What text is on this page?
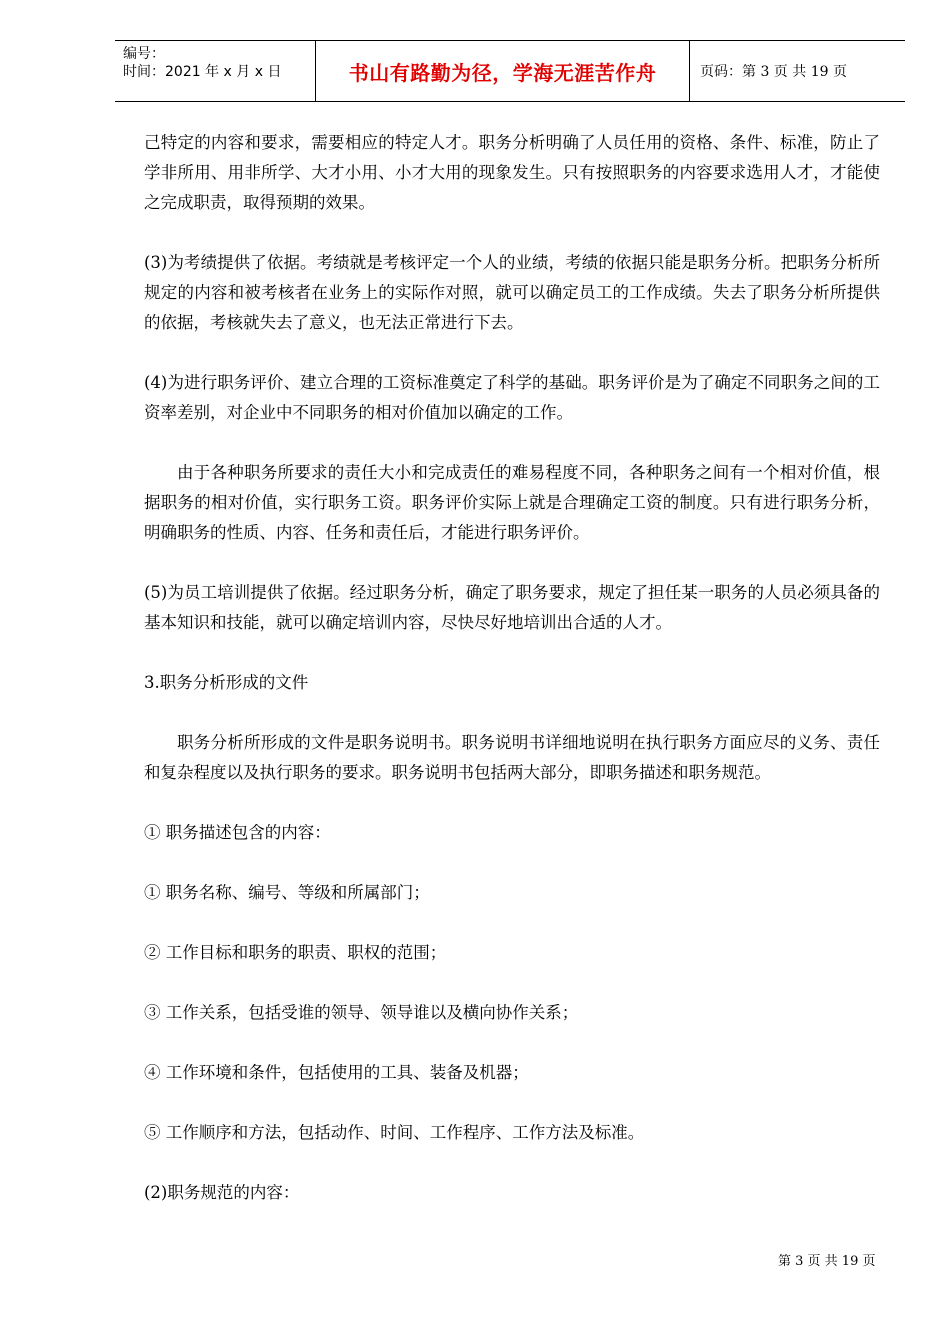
编号：
时间：2021 年 x 月 x 日	书山有路勤为径，学海无涯苦作舟	页码：第 3 页 共 19 页

己特定的内容和要求，需要相应的特定人才。职务分析明确了人员任用的资格、条件、标准，防止了学非所用、用非所学、大才小用、小才大用的现象发生。只有按照职务的内容要求选用人才，才能使之完成职责，取得预期的效果。

(3)为考绩提供了依据。考绩就是考核评定一个人的业绩，考绩的依据只能是职务分析。把职务分析所规定的内容和被考核者在业务上的实际作对照，就可以确定员工的工作成绩。失去了职务分析所提供的依据，考核就失去了意义，也无法正常进行下去。

(4)为进行职务评价、建立合理的工资标准奠定了科学的基础。职务评价是为了确定不同职务之间的工资率差别，对企业中不同职务的相对价值加以确定的工作。

由于各种职务所要求的责任大小和完成责任的难易程度不同，各种职务之间有一个相对价值，根据职务的相对价值，实行职务工资。职务评价实际上就是合理确定工资的制度。只有进行职务分析，明确职务的性质、内容、任务和责任后，才能进行职务评价。

(5)为员工培训提供了依据。经过职务分析，确定了职务要求，规定了担任某一职务的人员必须具备的基本知识和技能，就可以确定培训内容，尽快尽好地培训出合适的人才。

3.职务分析形成的文件

职务分析所形成的文件是职务说明书。职务说明书详细地说明在执行职务方面应尽的义务、责任和复杂程度以及执行职务的要求。职务说明书包括两大部分，即职务描述和职务规范。

① 职务描述包含的内容：

① 职务名称、编号、等级和所属部门；

② 工作目标和职务的职责、职权的范围；

③ 工作关系，包括受谁的领导、领导谁以及横向协作关系；

④ 工作环境和条件，包括使用的工具、装备及机器；

⑤ 工作顺序和方法，包括动作、时间、工作程序、工作方法及标准。

(2)职务规范的内容：

第 3 页 共 19 页
